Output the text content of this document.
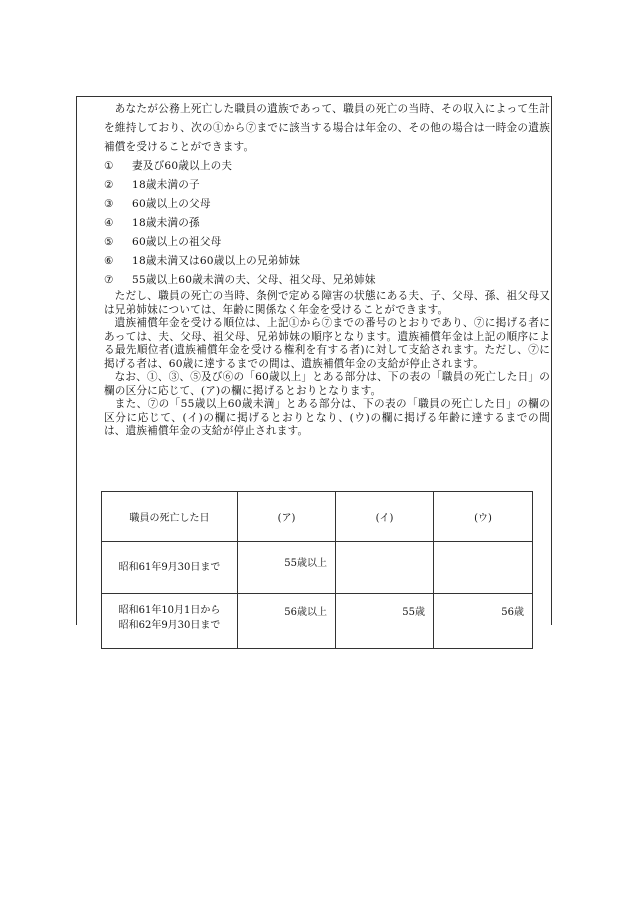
あなたが公務上死亡した職員の遺族であって、職員の死亡の当時、その収入によって生計を維持しており、次の①から⑦までに該当する場合は年金の、その他の場合は一時金の遺族補償を受けることができます。

①	妻及び60歳以上の夫
②	18歳未満の子
③	60歳以上の父母
④	18歳未満の孫
⑤	60歳以上の祖父母
⑥	18歳未満又は60歳以上の兄弟姉妹
⑦	55歳以上60歳未満の夫、父母、祖父母、兄弟姉妹

ただし、職員の死亡の当時、条例で定める障害の状態にある夫、子、父母、孫、祖父母又は兄弟姉妹については、年齢に関係なく年金を受けることができます。

遺族補償年金を受ける順位は、上記①から⑦までの番号のとおりであり、⑦に掲げる者にあっては、夫、父母、祖父母、兄弟姉妹の順序となります。遺族補償年金は上記の順序による最先順位者(遺族補償年金を受ける権利を有する者)に対して支給されます。ただし、⑦に掲げる者は、60歳に達するまでの間は、遺族補償年金の支給が停止されます。

なお、①、③、⑤及び⑥の「60歳以上」とある部分は、下の表の「職員の死亡した日」の欄の区分に応じて、(ア)の欄に掲げるとおりとなります。

また、⑦の「55歳以上60歳未満」とある部分は、下の表の「職員の死亡した日」の欄の区分に応じて、(イ)の欄に掲げるとおりとなり、(ウ)の欄に掲げる年齢に達するまでの間は、遺族補償年金の支給が停止されます。

職員の死亡した日	(ア)	(イ)	(ウ)
昭和61年9月30日まで	55歳以上		

昭和61年10月1日から
昭和62年9月30日まで	56歳以上	55歳	56歳
